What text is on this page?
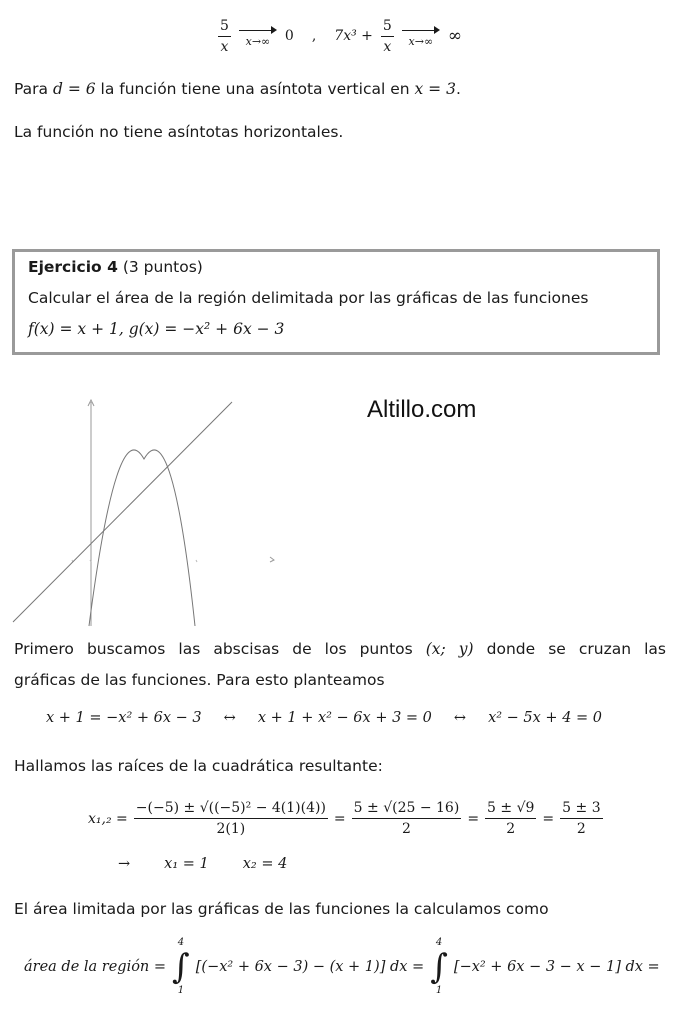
$\frac{5}{x} x\to\infty$ 0 , $7x^3 + \frac{5}{x} x\to\infty$ ∞
Para d = 6 la función tiene una asíntota vertical en x = 3.
La función no tiene asíntotas horizontales.
Ejercicio 4 (3 puntos)
Calcular el área de la región delimitada por las gráficas de las funciones
f(x) = x + 1, g(x) = −x² + 6x − 3
Altillo.com
Primero buscamos las abscisas de los puntos (x; y) donde se cruzan las
gráficas de las funciones. Para esto planteamos
x + 1 = −x² + 6x − 3 ↔ x + 1 + x² − 6x + 3 = 0 ↔ x² − 5x + 4 = 0
Hallamos las raíces de la cuadrática resultante:
$x_1,_2 = \frac{\text{−(−5) ± √((−5)² − 4(1)(4))}}{2(1)} = \frac{5 \pm √(25 - 16)}{2} = \frac{5 \pm √9}{2} = \frac{5 \pm 3}{2}$
→ x₁ = 1 x₂ = 4
El área limitada por las gráficas de las funciones la calculamos como
área de la región =
4
∫
1
[(−x² + 6x − 3) − (x + 1)] dx =
4
∫
1
[−x² + 6x − 3 − x − 1] dx =
